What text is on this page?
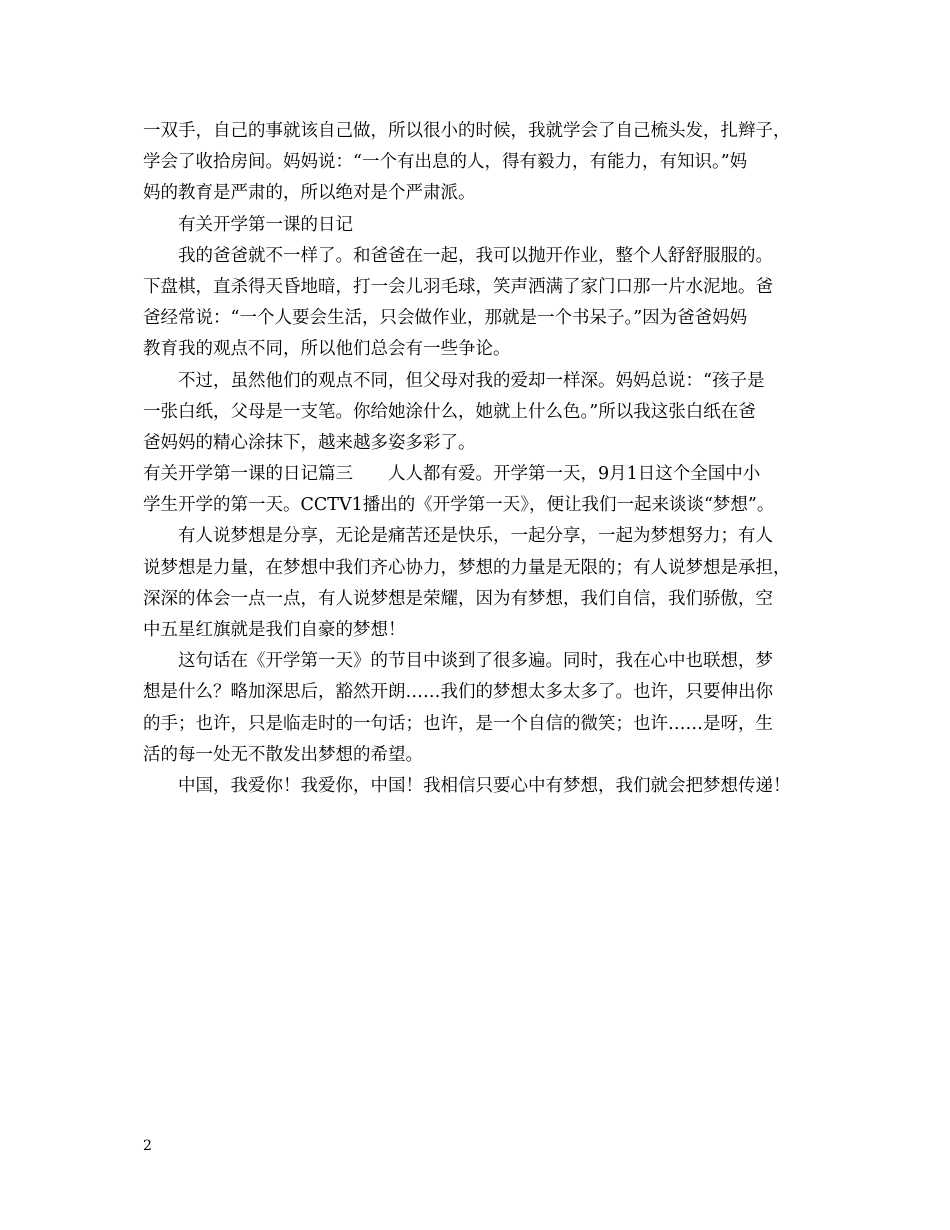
一双手，自己的事就该自己做，所以很小的时候，我就学会了自己梳头发，扎辫子，
学会了收拾房间。妈妈说：“一个有出息的人，得有毅力，有能力，有知识。”妈
妈的教育是严肃的，所以绝对是个严肃派。
有关开学第一课的日记
我的爸爸就不一样了。和爸爸在一起，我可以抛开作业，整个人舒舒服服的。
下盘棋，直杀得天昏地暗，打一会儿羽毛球，笑声洒满了家门口那一片水泥地。爸
爸经常说：“一个人要会生活，只会做作业，那就是一个书呆子。”因为爸爸妈妈
教育我的观点不同，所以他们总会有一些争论。
不过，虽然他们的观点不同，但父母对我的爱却一样深。妈妈总说：“孩子是
一张白纸，父母是一支笔。你给她涂什么，她就上什么色。”所以我这张白纸在爸
爸妈妈的精心涂抹下，越来越多姿多彩了。
有关开学第一课的日记篇三　　人人都有爱。开学第一天，9月1日这个全国中小
学生开学的第一天。CCTV1播出的《开学第一天》，便让我们一起来谈谈“梦想”。
有人说梦想是分享，无论是痛苦还是快乐，一起分享，一起为梦想努力；有人
说梦想是力量，在梦想中我们齐心协力，梦想的力量是无限的；有人说梦想是承担，
深深的体会一点一点，有人说梦想是荣耀，因为有梦想，我们自信，我们骄傲，空
中五星红旗就是我们自豪的梦想！
这句话在《开学第一天》的节目中谈到了很多遍。同时，我在心中也联想，梦
想是什么？略加深思后，豁然开朗……我们的梦想太多太多了。也许，只要伸出你
的手；也许，只是临走时的一句话；也许，是一个自信的微笑；也许……是呀，生
活的每一处无不散发出梦想的希望。
中国，我爱你！我爱你，中国！我相信只要心中有梦想，我们就会把梦想传递！
2
